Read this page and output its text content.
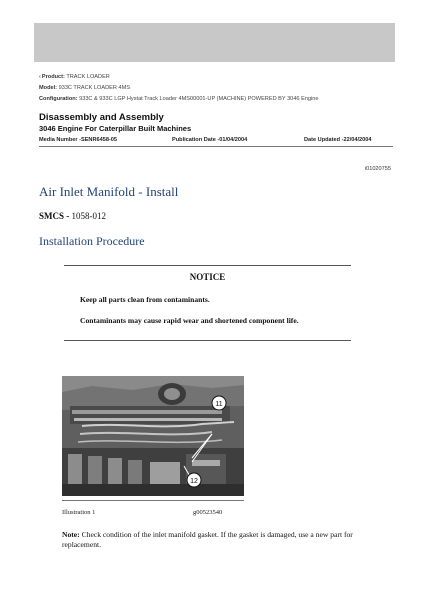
‹Product: TRACK LOADER
Model: 933C TRACK LOADER 4MS
Configuration: 933C & 933C LGP Hystat Track Loader 4MS00001-UP (MACHINE) POWERED BY 3046 Engine
Disassembly and Assembly
3046 Engine For Caterpillar Built Machines
Media Number -SENR6458-05	Publication Date -01/04/2004	Date Updated -22/04/2004
i01020755
Air Inlet Manifold - Install
SMCS - 1058-012
Installation Procedure
NOTICE
Keep all parts clean from contaminants.
Contaminants may cause rapid wear and shortened component life.
11
12
Illustration 1	g00523540
Note: Check condition of the inlet manifold gasket. If the gasket is damaged, use a new part for replacement.
